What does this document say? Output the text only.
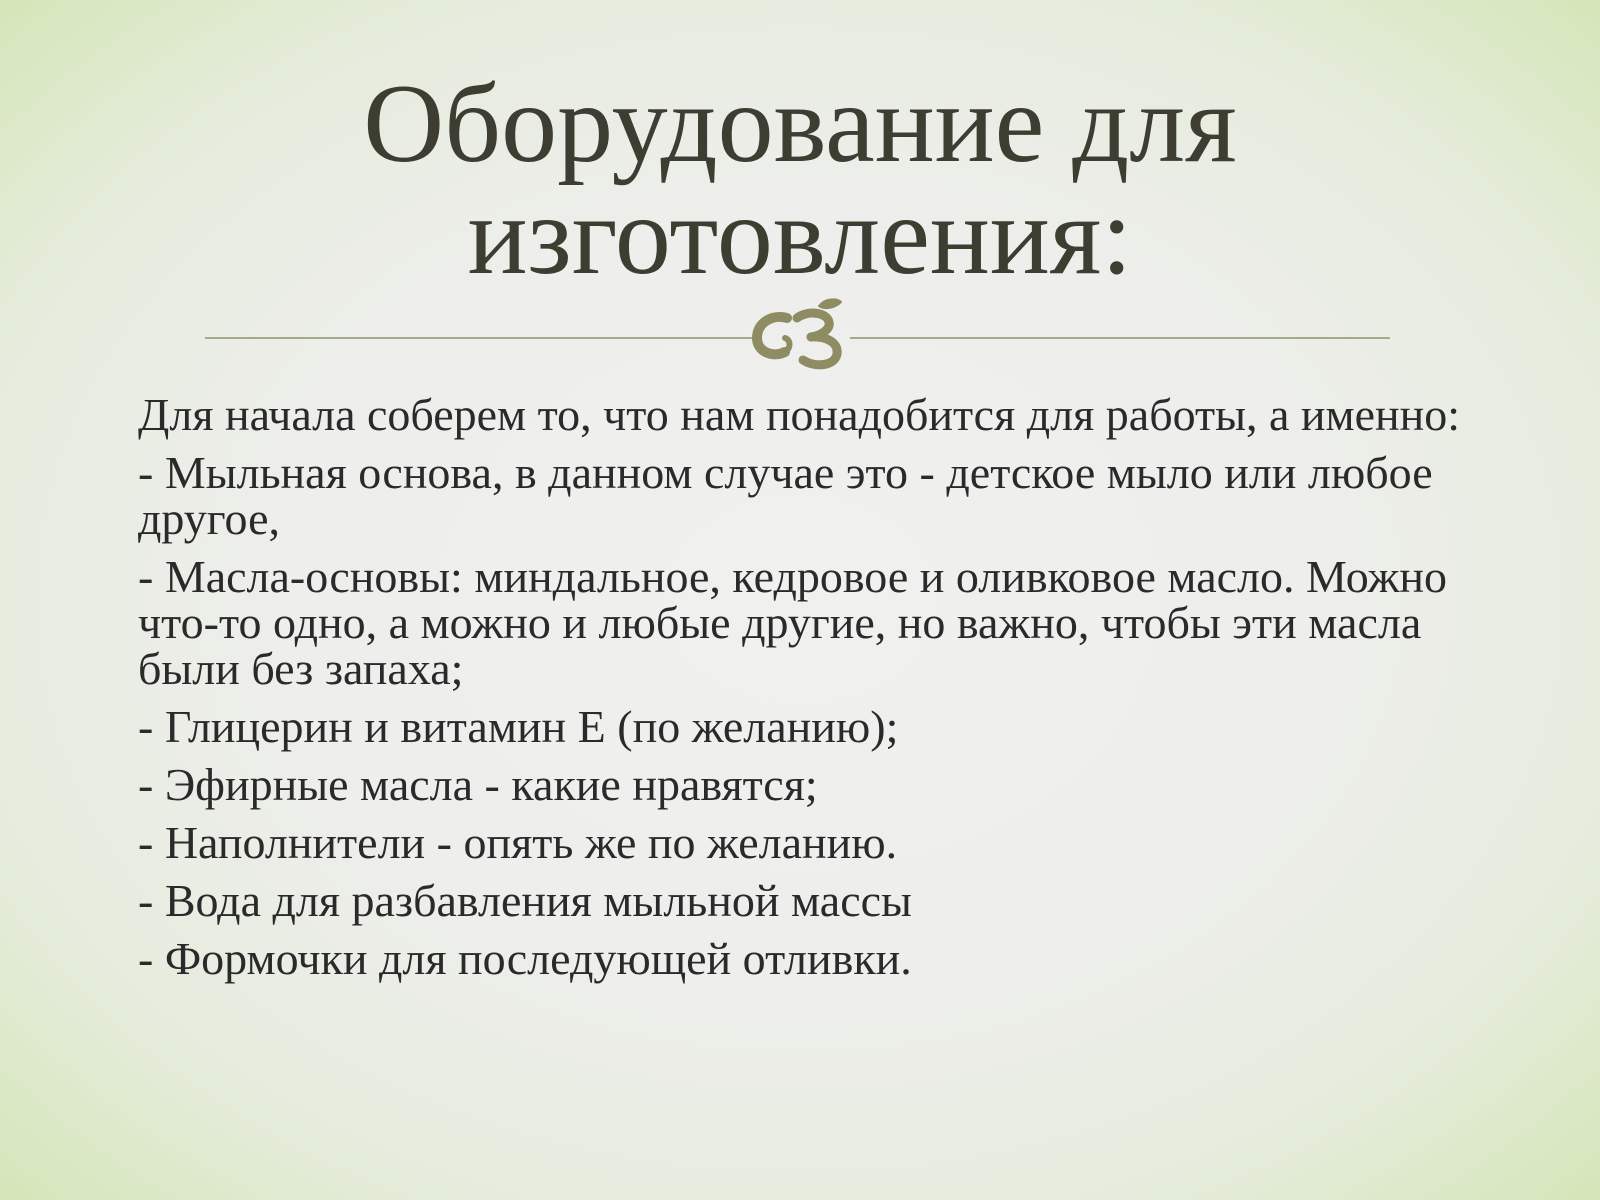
Оборудование для
изготовления:

Для начала соберем то, что нам понадобится для работы, а именно:

- Мыльная основа, в данном случае это - детское мыло или любое другое,

- Масла-основы: миндальное, кедровое и оливковое масло. Можно что-то одно, а можно и любые другие, но важно, чтобы эти масла были без запаха;

- Глицерин и витамин Е (по желанию);

- Эфирные масла - какие нравятся;

- Наполнители - опять же по желанию.

- Вода для разбавления мыльной массы

- Формочки для последующей отливки.
